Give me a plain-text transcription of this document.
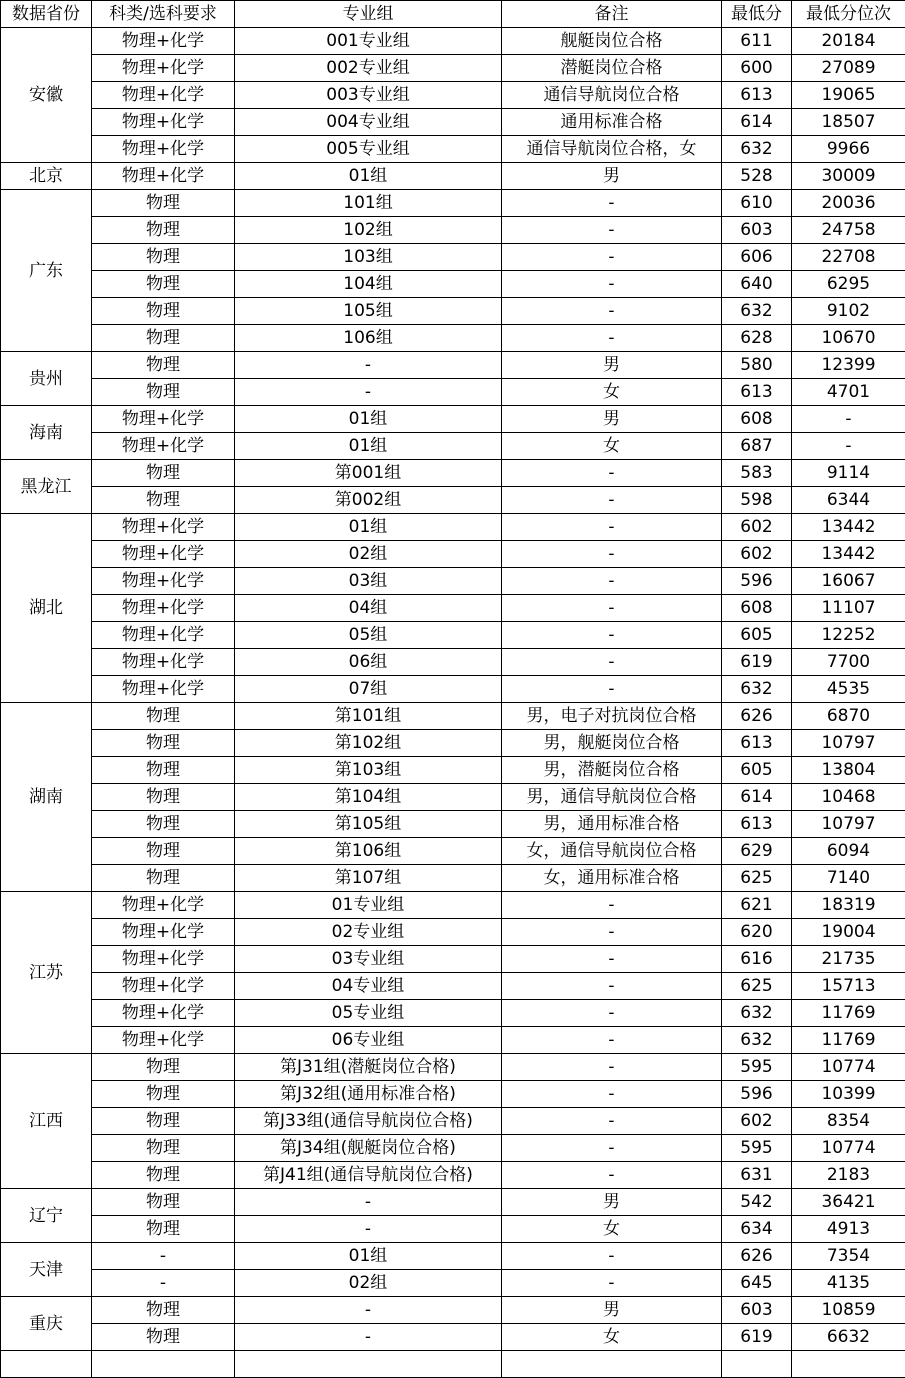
数据省份	科类/选科要求	专业组	备注	最低分	最低分位次
安徽	物理+化学	001专业组	舰艇岗位合格	611	20184
	物理+化学	002专业组	潜艇岗位合格	600	27089
	物理+化学	003专业组	通信导航岗位合格	613	19065
	物理+化学	004专业组	通用标准合格	614	18507
	物理+化学	005专业组	通信导航岗位合格，女	632	9966
北京	物理+化学	01组	男	528	30009
广东	物理	101组	-	610	20036
	物理	102组	-	603	24758
	物理	103组	-	606	22708
	物理	104组	-	640	6295
	物理	105组	-	632	9102
	物理	106组	-	628	10670
贵州	物理	-	男	580	12399
	物理	-	女	613	4701
海南	物理+化学	01组	男	608	-
	物理+化学	01组	女	687	-
黑龙江	物理	第001组	-	583	9114
	物理	第002组	-	598	6344
湖北	物理+化学	01组	-	602	13442
	物理+化学	02组	-	602	13442
	物理+化学	03组	-	596	16067
	物理+化学	04组	-	608	11107
	物理+化学	05组	-	605	12252
	物理+化学	06组	-	619	7700
	物理+化学	07组	-	632	4535
湖南	物理	第101组	男，电子对抗岗位合格	626	6870
	物理	第102组	男，舰艇岗位合格	613	10797
	物理	第103组	男，潜艇岗位合格	605	13804
	物理	第104组	男，通信导航岗位合格	614	10468
	物理	第105组	男，通用标准合格	613	10797
	物理	第106组	女，通信导航岗位合格	629	6094
	物理	第107组	女，通用标准合格	625	7140
江苏	物理+化学	01专业组	-	621	18319
	物理+化学	02专业组	-	620	19004
	物理+化学	03专业组	-	616	21735
	物理+化学	04专业组	-	625	15713
	物理+化学	05专业组	-	632	11769
	物理+化学	06专业组	-	632	11769
江西	物理	第J31组(潜艇岗位合格)	-	595	10774
	物理	第J32组(通用标准合格)	-	596	10399
	物理	第J33组(通信导航岗位合格)	-	602	8354
	物理	第J34组(舰艇岗位合格)	-	595	10774
	物理	第J41组(通信导航岗位合格)	-	631	2183
辽宁	物理	-	男	542	36421
	物理	-	女	634	4913
天津	-	01组	-	626	7354
	-	02组	-	645	4135
重庆	物理	-	男	603	10859
	物理	-	女	619	6632
